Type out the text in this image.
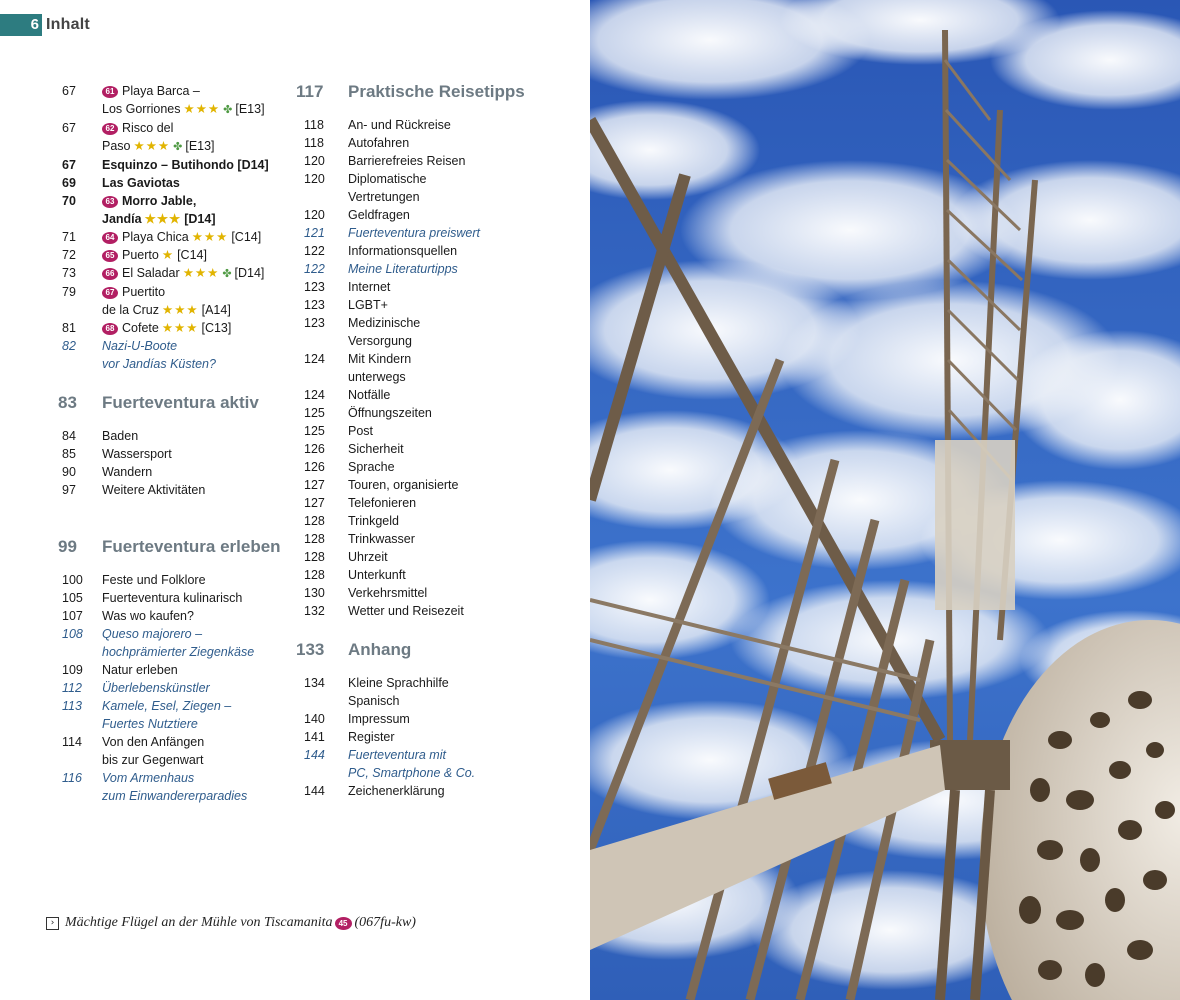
6 Inhalt
67	61 Playa Barca –
Los Gorriones ★★★ ✤ [E13]
67	62 Risco del
Paso ★★★ ✤ [E13]
67	Esquinzo – Butihondo [D14]
69	Las Gaviotas
70	63 Morro Jable,
Jandía ★★★ [D14]
71	64 Playa Chica ★★★ [C14]
72	65 Puerto ★ [C14]
73	66 El Saladar ★★★ ✤ [D14]
79	67 Puertito
de la Cruz ★★★ [A14]
81	68 Cofete ★★★ [C13]
82	Nazi-U-Boote
vor Jandías Küsten?
83	Fuerteventura aktiv
84	Baden
85	Wassersport
90	Wandern
97	Weitere Aktivitäten
99	Fuerteventura erleben
100	Feste und Folklore
105	Fuerteventura kulinarisch
107	Was wo kaufen?
108	Queso majorero –
hochprämierter Ziegenkäse
109	Natur erleben
112	Überlebenskünstler
113	Kamele, Esel, Ziegen –
Fuertes Nutztiere
114	Von den Anfängen
bis zur Gegenwart
116	Vom Armenhaus
zum Einwandererparadies
117	Praktische Reisetipps
118	An- und Rückreise
118	Autofahren
120	Barrierefreies Reisen
120	Diplomatische
Vertretungen
120	Geldfragen
121	Fuerteventura preiswert
122	Informationsquellen
122	Meine Literaturtipps
123	Internet
123	LGBT+
123	Medizinische
Versorgung
124	Mit Kindern
unterwegs
124	Notfälle
125	Öffnungszeiten
125	Post
126	Sicherheit
126	Sprache
127	Touren, organisierte
127	Telefonieren
128	Trinkgeld
128	Trinkwasser
128	Uhrzeit
128	Unterkunft
130	Verkehrsmittel
132	Wetter und Reisezeit
133	Anhang
134	Kleine Sprachhilfe
Spanisch
140	Impressum
141	Register
144	Fuerteventura mit
PC, Smartphone & Co.
144	Zeichenerklärung
› Mächtige Flügel an der Mühle von Tiscamanita 45 (067fu-kw)
